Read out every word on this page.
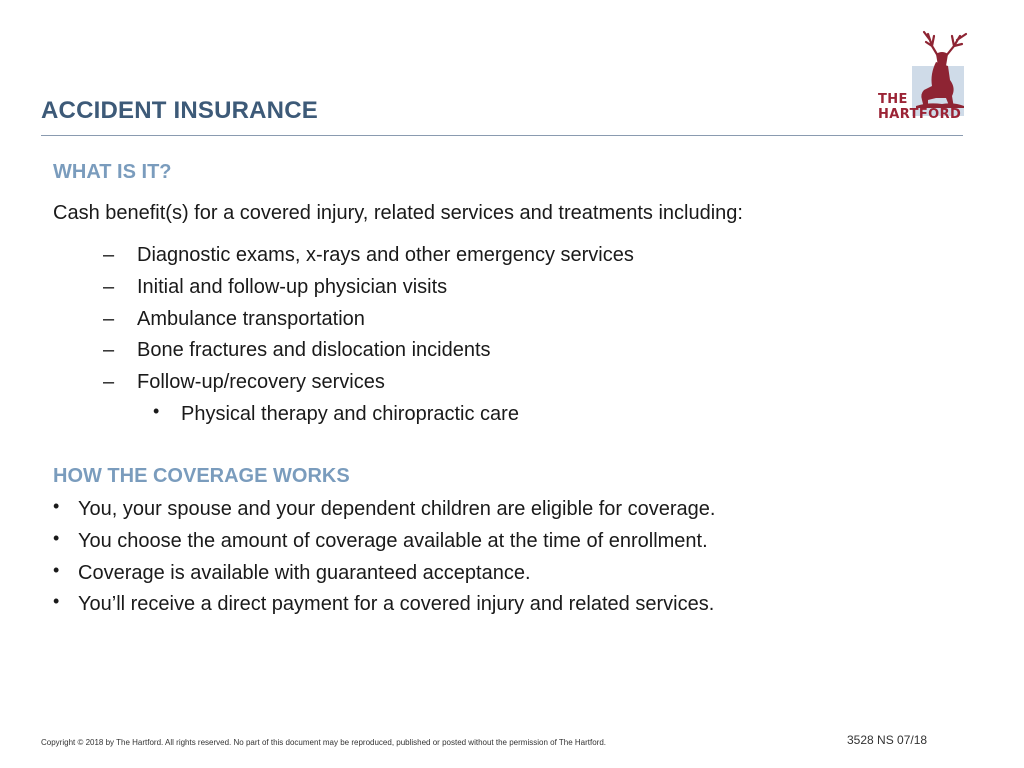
ACCIDENT INSURANCE	THE
HARTFORD
WHAT IS IT?
Cash benefit(s) for a covered injury, related services and treatments including:
– Diagnostic exams, x-rays and other emergency services
– Initial and follow-up physician visits
– Ambulance transportation
– Bone fractures and dislocation incidents
– Follow-up/recovery services
• Physical therapy and chiropractic care
HOW THE COVERAGE WORKS
• You, your spouse and your dependent children are eligible for coverage.
• You choose the amount of coverage available at the time of enrollment.
• Coverage is available with guaranteed acceptance.
• You’ll receive a direct payment for a covered injury and related services.
Copyright © 2018 by The Hartford. All rights reserved. No part of this document may be reproduced, published or posted without the permission of The Hartford.	3528 NS 07/18
